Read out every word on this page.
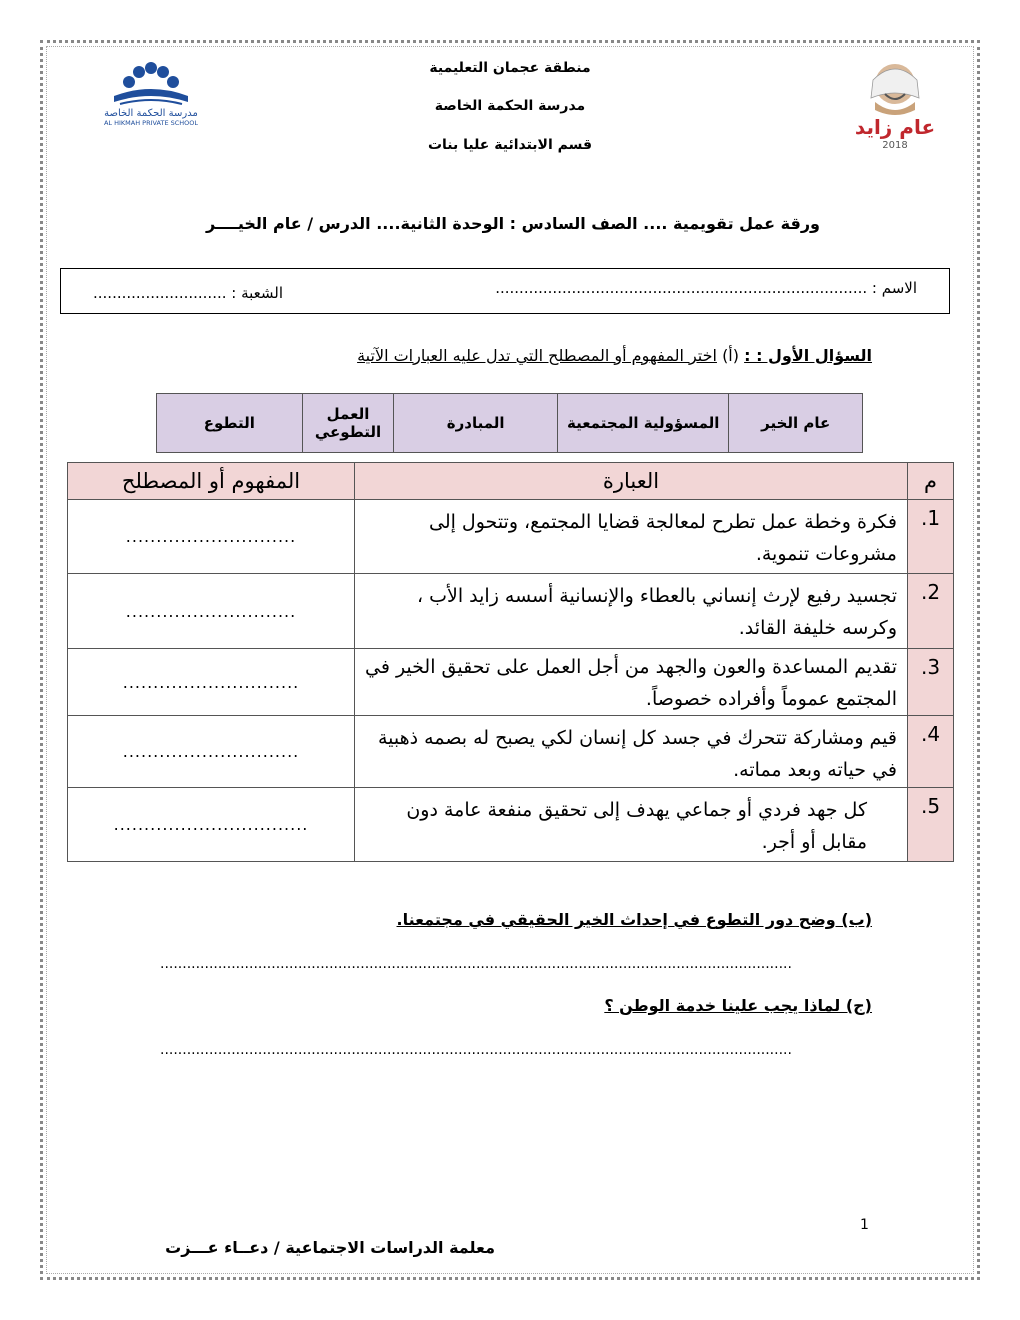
منطقة عجمان التعليمية
مدرسة الحكمة الخاصة
قسم الابتدائية عليا بنات
عام زايد
2018
مدرسة الحكمة الخاصة
AL HIKMAH PRIVATE SCHOOL
ورقة عمل تقويمية .... الصف السادس : الوحدة الثانية.... الدرس / عام الخيــــر
الاسم : ..............................................................................
الشعبة : ............................
السؤال الأول : : (أ) اختر المفهوم أو المصطلح التي تدل عليه العبارات الآتية
عام الخير	المسؤولية المجتمعية	المبادرة	العمل التطوعي	التطوع
م	العبارة	المفهوم أو المصطلح
1.	فكرة وخطة عمل تطرح لمعالجة قضايا المجتمع، وتتحول إلى مشروعات تنموية.	............................
2.	تجسيد رفيع لإرث إنساني بالعطاء والإنسانية أسسه زايد الأب ، وكرسه خليفة القائد.	............................
3.	تقديم المساعدة والعون والجهد من أجل العمل على تحقيق الخير في المجتمع عموماً وأفراده خصوصاً.	.............................
4.	قيم ومشاركة تتحرك في جسد كل إنسان لكي يصبح له بصمه ذهبية في حياته وبعد مماته.	.............................
5.	كل جهد فردي أو جماعي يهدف إلى تحقيق منفعة عامة دون مقابل أو أجر.	................................
(ب) وضح دور التطوع في إحداث الخير الحقيقي في مجتمعنا.
..............................................................................................................................................
(ج) لماذا يجب علينا خدمة الوطن ؟
..............................................................................................................................................
1
معلمة الدراسات الاجتماعية / دعــاء عـــزت
